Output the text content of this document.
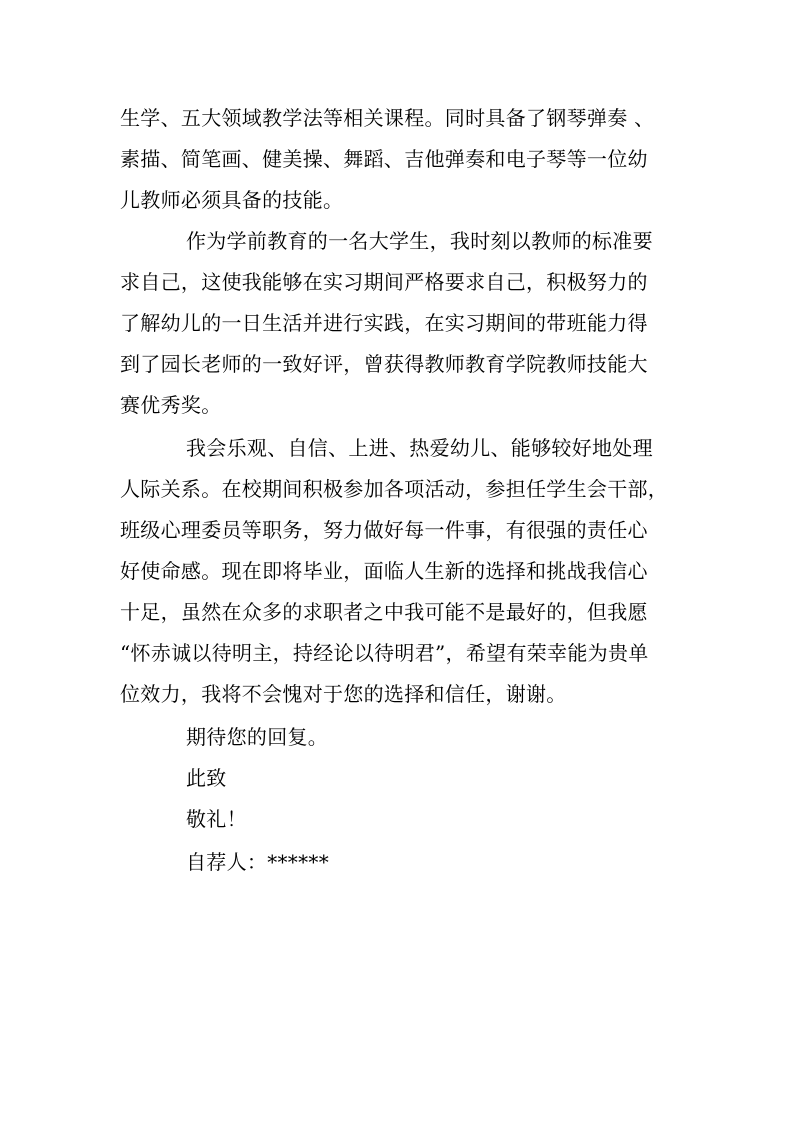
生学、五大领域教学法等相关课程。同时具备了钢琴弹奏 、
素描、简笔画、健美操、舞蹈、吉他弹奏和电子琴等一位幼
儿教师必须具备的技能。
作为学前教育的一名大学生，我时刻以教师的标准要
求自己，这使我能够在实习期间严格要求自己，积极努力的
了解幼儿的一日生活并进行实践，在实习期间的带班能力得
到了园长老师的一致好评，曾获得教师教育学院教师技能大
赛优秀奖。
我会乐观、自信、上进、热爱幼儿、能够较好地处理
人际关系。在校期间积极参加各项活动，参担任学生会干部，
班级心理委员等职务，努力做好每一件事，有很强的责任心
好使命感。现在即将毕业，面临人生新的选择和挑战我信心
十足，虽然在众多的求职者之中我可能不是最好的，但我愿
“怀赤诚以待明主，持经论以待明君”，希望有荣幸能为贵单
位效力，我将不会愧对于您的选择和信任，谢谢。
期待您的回复。
此致
敬礼！
自荐人：******
